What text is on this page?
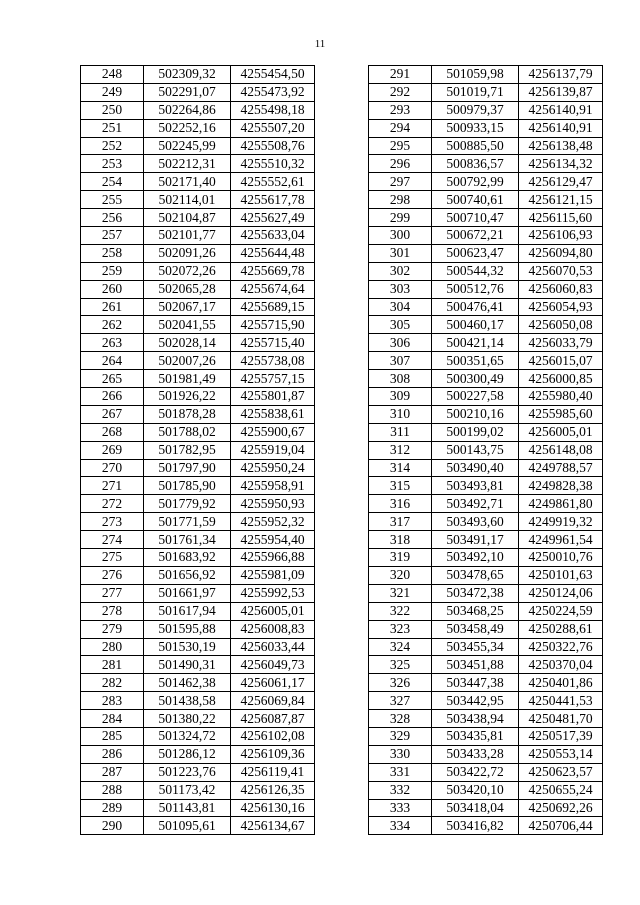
11
248	502309,32	4255454,50
249	502291,07	4255473,92
250	502264,86	4255498,18
251	502252,16	4255507,20
252	502245,99	4255508,76
253	502212,31	4255510,32
254	502171,40	4255552,61
255	502114,01	4255617,78
256	502104,87	4255627,49
257	502101,77	4255633,04
258	502091,26	4255644,48
259	502072,26	4255669,78
260	502065,28	4255674,64
261	502067,17	4255689,15
262	502041,55	4255715,90
263	502028,14	4255715,40
264	502007,26	4255738,08
265	501981,49	4255757,15
266	501926,22	4255801,87
267	501878,28	4255838,61
268	501788,02	4255900,67
269	501782,95	4255919,04
270	501797,90	4255950,24
271	501785,90	4255958,91
272	501779,92	4255950,93
273	501771,59	4255952,32
274	501761,34	4255954,40
275	501683,92	4255966,88
276	501656,92	4255981,09
277	501661,97	4255992,53
278	501617,94	4256005,01
279	501595,88	4256008,83
280	501530,19	4256033,44
281	501490,31	4256049,73
282	501462,38	4256061,17
283	501438,58	4256069,84
284	501380,22	4256087,87
285	501324,72	4256102,08
286	501286,12	4256109,36
287	501223,76	4256119,41
288	501173,42	4256126,35
289	501143,81	4256130,16
290	501095,61	4256134,67
291	501059,98	4256137,79
292	501019,71	4256139,87
293	500979,37	4256140,91
294	500933,15	4256140,91
295	500885,50	4256138,48
296	500836,57	4256134,32
297	500792,99	4256129,47
298	500740,61	4256121,15
299	500710,47	4256115,60
300	500672,21	4256106,93
301	500623,47	4256094,80
302	500544,32	4256070,53
303	500512,76	4256060,83
304	500476,41	4256054,93
305	500460,17	4256050,08
306	500421,14	4256033,79
307	500351,65	4256015,07
308	500300,49	4256000,85
309	500227,58	4255980,40
310	500210,16	4255985,60
311	500199,02	4256005,01
312	500143,75	4256148,08
314	503490,40	4249788,57
315	503493,81	4249828,38
316	503492,71	4249861,80
317	503493,60	4249919,32
318	503491,17	4249961,54
319	503492,10	4250010,76
320	503478,65	4250101,63
321	503472,38	4250124,06
322	503468,25	4250224,59
323	503458,49	4250288,61
324	503455,34	4250322,76
325	503451,88	4250370,04
326	503447,38	4250401,86
327	503442,95	4250441,53
328	503438,94	4250481,70
329	503435,81	4250517,39
330	503433,28	4250553,14
331	503422,72	4250623,57
332	503420,10	4250655,24
333	503418,04	4250692,26
334	503416,82	4250706,44
